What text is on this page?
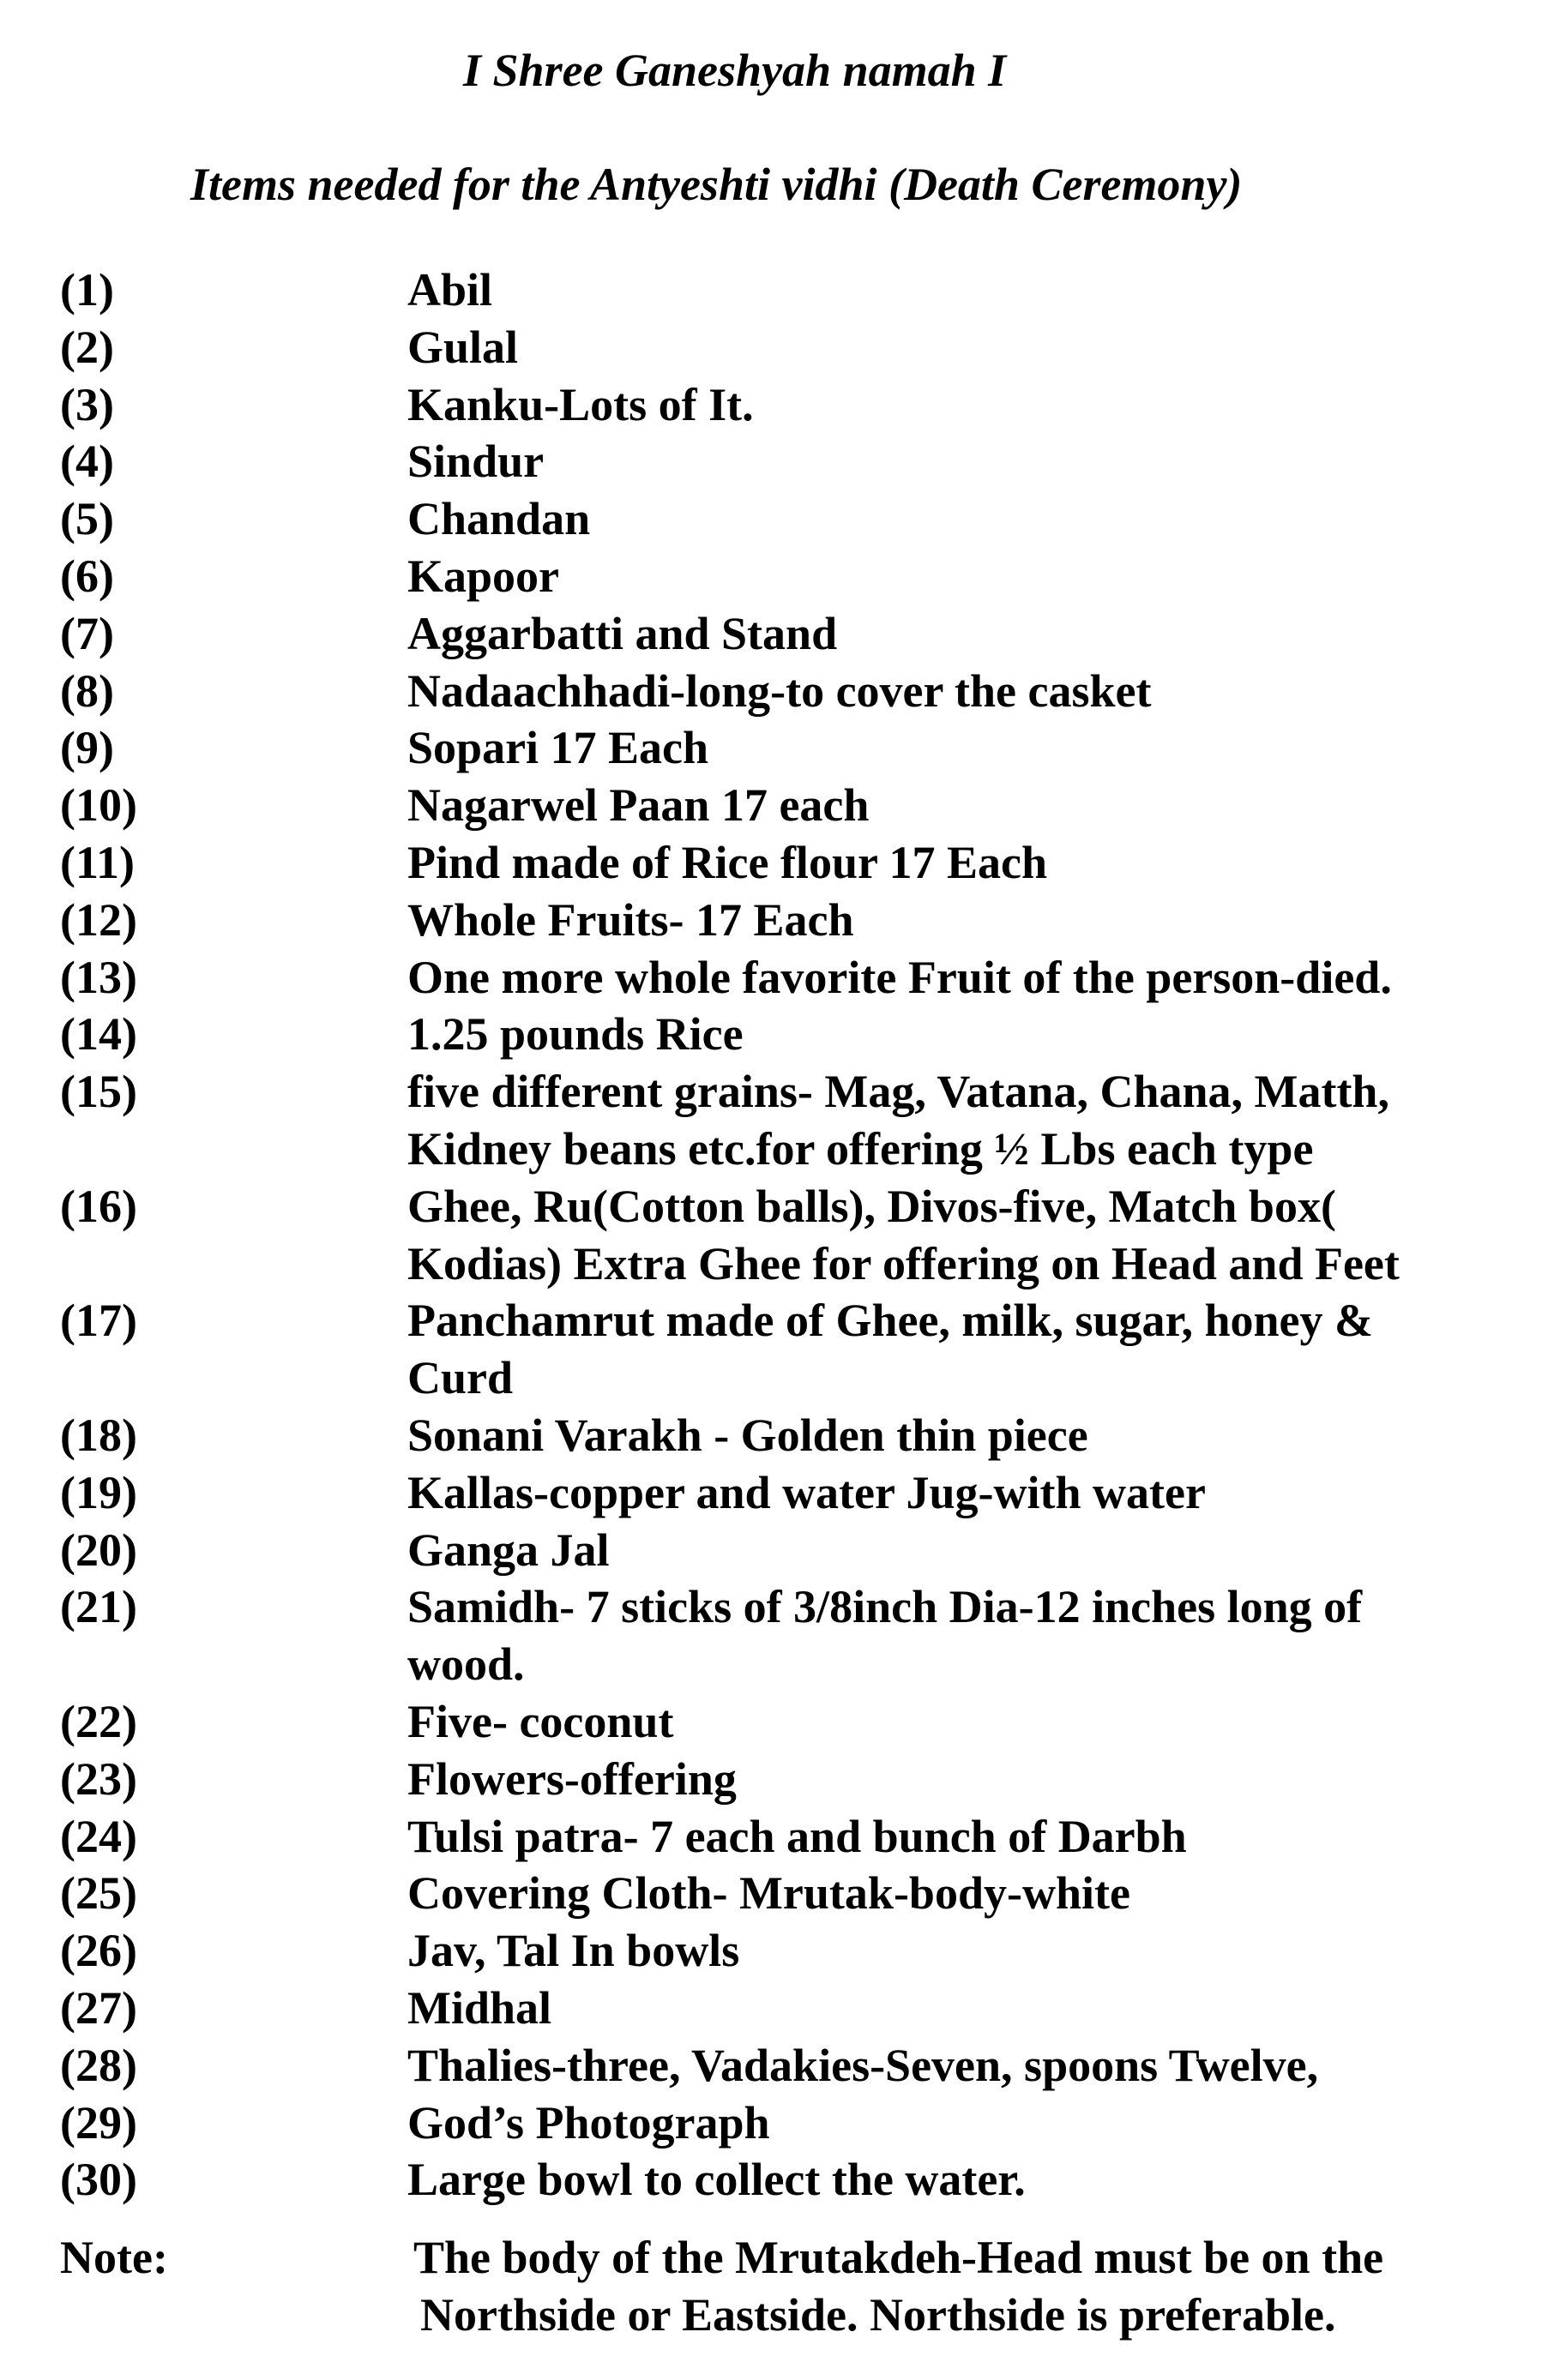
I Shree Ganeshyah namah I
Items needed for the Antyeshti vidhi (Death Ceremony)
(1)	Abil
(2)	Gulal
(3)	Kanku-Lots of It.
(4)	Sindur
(5)	Chandan
(6)	Kapoor
(7)	Aggarbatti and Stand
(8)	Nadaachhadi-long-to cover the casket
(9)	Sopari 17 Each
(10)	Nagarwel Paan 17 each
(11)	Pind made of Rice flour 17 Each
(12)	Whole Fruits- 17 Each
(13)	One more whole favorite Fruit of the person-died.
(14)	1.25 pounds Rice
(15)	five different grains- Mag, Vatana, Chana, Matth,
Kidney beans etc.for offering ½ Lbs each type
(16)	Ghee, Ru(Cotton balls), Divos-five, Match box(
Kodias) Extra Ghee for offering on Head and Feet
(17)	Panchamrut made of Ghee, milk, sugar, honey &
Curd
(18)	Sonani Varakh - Golden thin piece
(19)	Kallas-copper and water Jug-with water
(20)	Ganga Jal
(21)	Samidh- 7 sticks of 3/8inch Dia-12 inches long of
wood.
(22)	Five- coconut
(23)	Flowers-offering
(24)	Tulsi patra- 7 each and bunch of Darbh
(25)	Covering Cloth- Mrutak-body-white
(26)	Jav, Tal In bowls
(27)	Midhal
(28)	Thalies-three, Vadakies-Seven, spoons Twelve,
(29)	God’s Photograph
(30)	Large bowl to collect the water.
Note:	The body of the Mrutakdeh-Head must be on the
Northside or Eastside. Northside is preferable.
